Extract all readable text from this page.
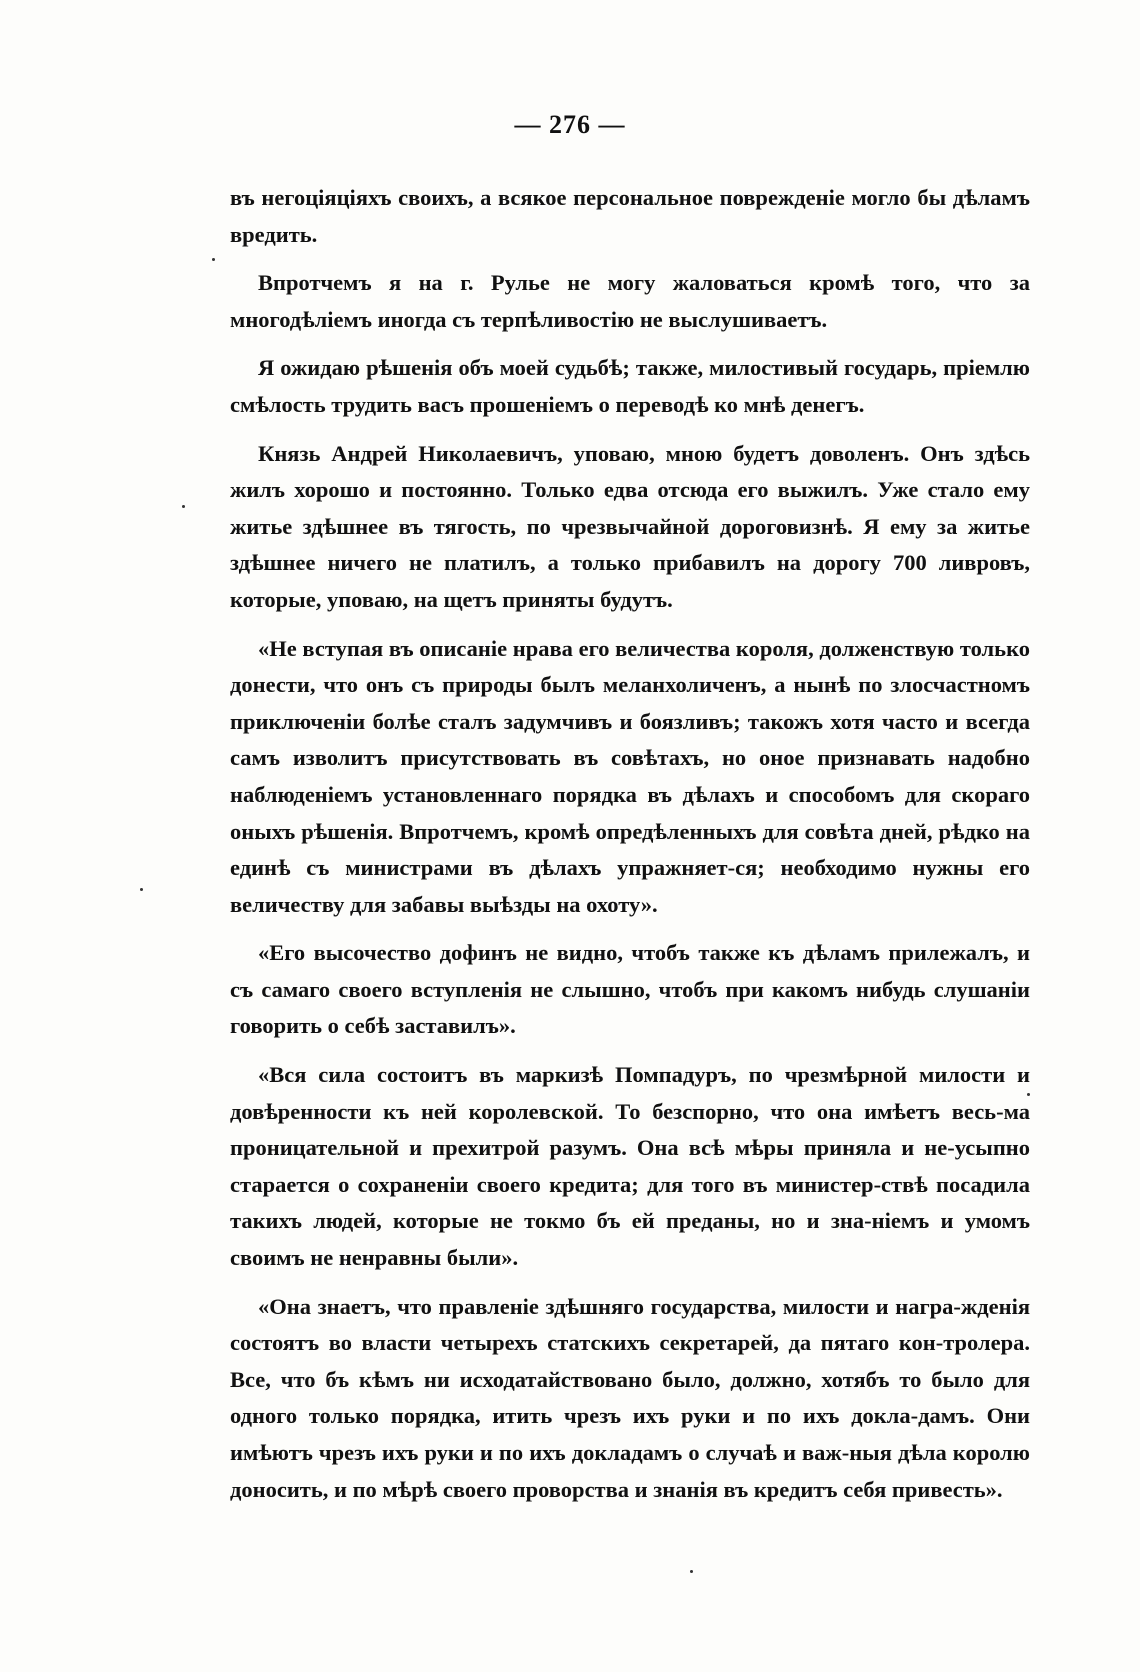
— 276 —

въ негоціяціяхъ своихъ, а всякое персональное поврежденіе могло бы дѣламъ вредить.

Впротчемъ я на г. Рулье не могу жаловаться кромѣ того, что за многодѣліемъ иногда съ терпѣливостію не выслушиваетъ.

Я ожидаю рѣшенія объ моей судьбѣ; также, милостивый государь, пріемлю смѣлость трудить васъ прошеніемъ о переводѣ ко мнѣ денегъ.

Князь Андрей Николаевичъ, уповаю, мною будетъ доволенъ. Онъ здѣсь жилъ хорошо и постоянно. Только едва отсюда его выжилъ. Уже стало ему житье здѣшнее въ тягость, по чрезвычайной дороговизнѣ. Я ему за житье здѣшнее ничего не платилъ, а только прибавилъ на дорогу 700 ливровъ, которые, уповаю, на щетъ приняты будутъ.

«Не вступая въ описаніе нрава его величества короля, долженствую только донести, что онъ съ природы былъ меланхоличенъ, а нынѣ по злосчастномъ приключеніи болѣе сталъ задумчивъ и боязливъ; такожъ хотя часто и всегда самъ изволитъ присутствовать въ совѣтахъ, но оное признавать надобно наблюденіемъ установленнаго порядка въ дѣлахъ и способомъ для скораго оныхъ рѣшенія. Впротчемъ, кромѣ опредѣленныхъ для совѣта дней, рѣдко на единѣ съ министрами въ дѣлахъ упражняет-ся; необходимо нужны его величеству для забавы выѣзды на охоту».

«Его высочество дофинъ не видно, чтобъ также къ дѣламъ прилежалъ, и съ самаго своего вступленія не слышно, чтобъ при какомъ нибудь слушаніи говорить о себѣ заставилъ».

«Вся сила состоитъ въ маркизѣ Помпадуръ, по чрезмѣрной милости и довѣренности къ ней королевской. То безспорно, что она имѣетъ весь-ма проницательной и прехитрой разумъ. Она всѣ мѣры приняла и не-усыпно старается о сохраненіи своего кредита; для того въ министер-ствѣ посадила такихъ людей, которые не токмо бъ ей преданы, но и зна-ніемъ и умомъ своимъ не ненравны были».

«Она знаетъ, что правленіе здѣшняго государства, милости и награ-жденія состоятъ во власти четырехъ статскихъ секретарей, да пятаго кон-тролера. Все, что бъ кѣмъ ни исходатайствовано было, должно, хотябъ то было для одного только порядка, итить чрезъ ихъ руки и по ихъ докла-дамъ. Они имѣютъ чрезъ ихъ руки и по ихъ докладамъ о случаѣ и важ-ныя дѣла королю доносить, и по мѣрѣ своего проворства и знанія въ кредитъ себя привесть».
